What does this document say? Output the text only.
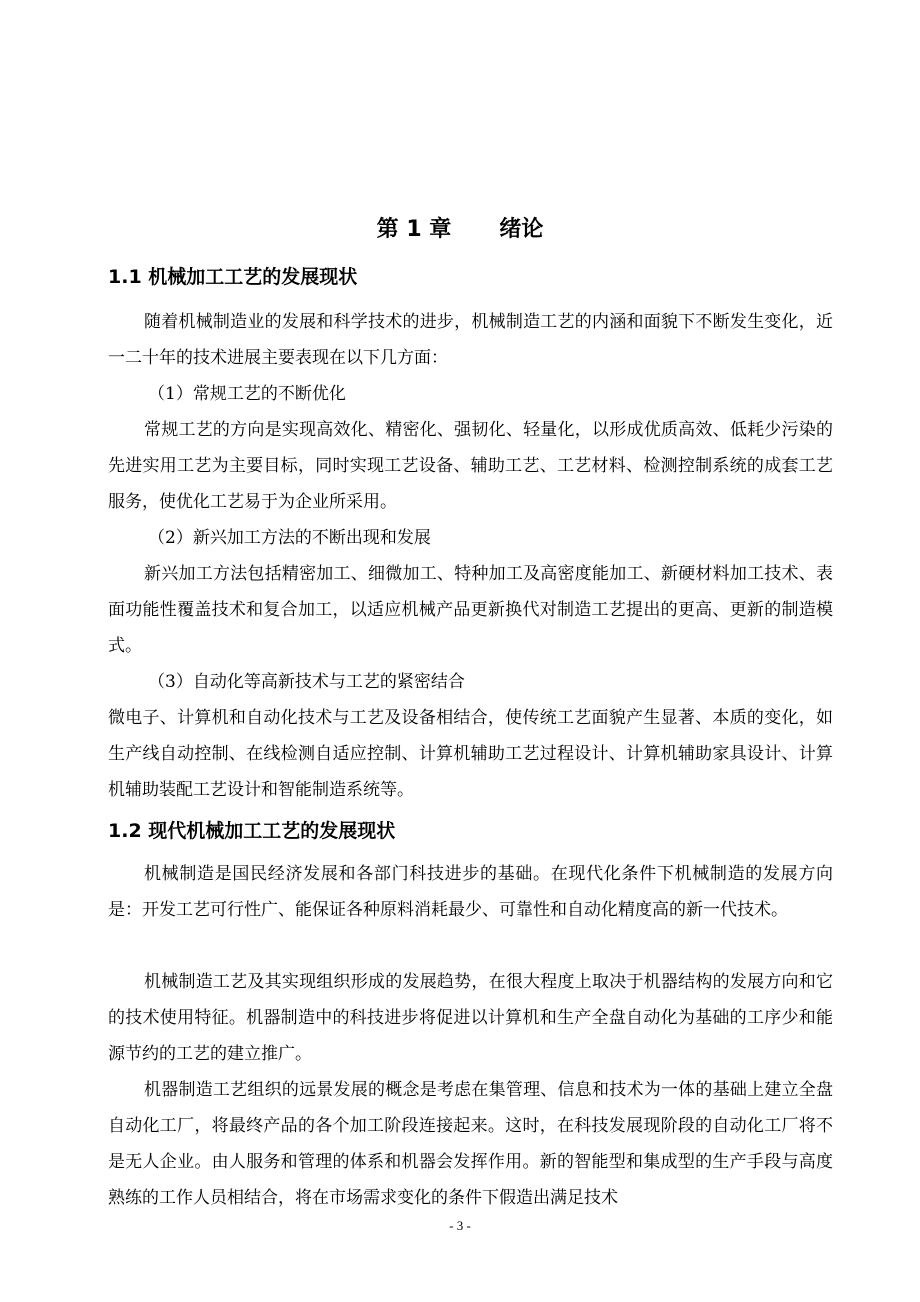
第 1 章 绪论
1.1 机械加工工艺的发展现状

随着机械制造业的发展和科学技术的进步，机械制造工艺的内涵和面貌下不断发生变化，近一二十年的技术进展主要表现在以下几方面：

（1）常规工艺的不断优化

常规工艺的方向是实现高效化、精密化、强韧化、轻量化，以形成优质高效、低耗少污染的先进实用工艺为主要目标，同时实现工艺设备、辅助工艺、工艺材料、检测控制系统的成套工艺服务，使优化工艺易于为企业所采用。

（2）新兴加工方法的不断出现和发展

新兴加工方法包括精密加工、细微加工、特种加工及高密度能加工、新硬材料加工技术、表面功能性覆盖技术和复合加工，以适应机械产品更新换代对制造工艺提出的更高、更新的制造模式。

（3）自动化等高新技术与工艺的紧密结合

微电子、计算机和自动化技术与工艺及设备相结合，使传统工艺面貌产生显著、本质的变化，如生产线自动控制、在线检测自适应控制、计算机辅助工艺过程设计、计算机辅助家具设计、计算机辅助装配工艺设计和智能制造系统等。

1.2 现代机械加工工艺的发展现状

机械制造是国民经济发展和各部门科技进步的基础。在现代化条件下机械制造的发展方向是：开发工艺可行性广、能保证各种原料消耗最少、可靠性和自动化精度高的新一代技术。

机械制造工艺及其实现组织形成的发展趋势，在很大程度上取决于机器结构的发展方向和它的技术使用特征。机器制造中的科技进步将促进以计算机和生产全盘自动化为基础的工序少和能源节约的工艺的建立推广。

机器制造工艺组织的远景发展的概念是考虑在集管理、信息和技术为一体的基础上建立全盘自动化工厂，将最终产品的各个加工阶段连接起来。这时，在科技发展现阶段的自动化工厂将不是无人企业。由人服务和管理的体系和机器会发挥作用。新的智能型和集成型的生产手段与高度熟练的工作人员相结合，将在市场需求变化的条件下假造出满足技术

- 3 -
